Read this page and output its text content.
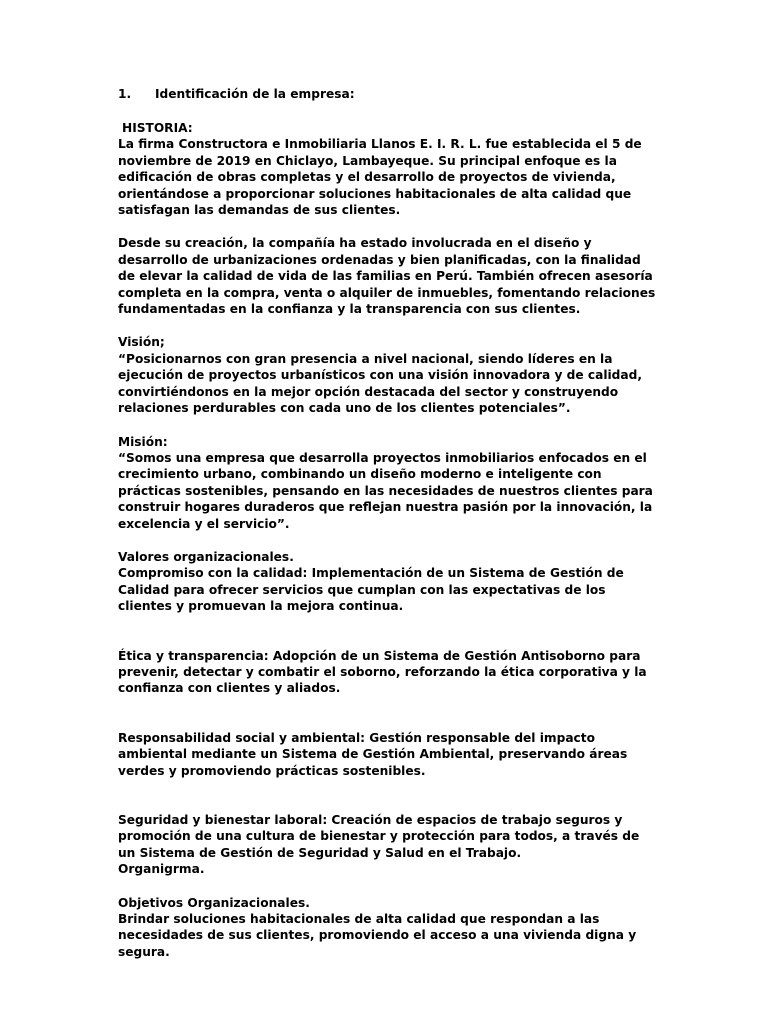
1.	Identificación de la empresa:

HISTORIA:

La firma Constructora e Inmobiliaria Llanos E. I. R. L. fue establecida el 5 de noviembre de 2019 en Chiclayo, Lambayeque. Su principal enfoque es la edificación de obras completas y el desarrollo de proyectos de vivienda, orientándose a proporcionar soluciones habitacionales de alta calidad que satisfagan las demandas de sus clientes.

Desde su creación, la compañía ha estado involucrada en el diseño y desarrollo de urbanizaciones ordenadas y bien planificadas, con la finalidad de elevar la calidad de vida de las familias en Perú. También ofrecen asesoría completa en la compra, venta o alquiler de inmuebles, fomentando relaciones fundamentadas en la confianza y la transparencia con sus clientes.

Visión;

“Posicionarnos con gran presencia a nivel nacional, siendo líderes en la ejecución de proyectos urbanísticos con una visión innovadora y de calidad, convirtiéndonos en la mejor opción destacada del sector y construyendo relaciones perdurables con cada uno de los clientes potenciales”.

Misión:

“Somos una empresa que desarrolla proyectos inmobiliarios enfocados en el crecimiento urbano, combinando un diseño moderno e inteligente con prácticas sostenibles, pensando en las necesidades de nuestros clientes para construir hogares duraderos que reflejan nuestra pasión por la innovación, la excelencia y el servicio”.

Valores organizacionales.

Compromiso con la calidad: Implementación de un Sistema de Gestión de Calidad para ofrecer servicios que cumplan con las expectativas de los clientes y promuevan la mejora continua.

Ética y transparencia: Adopción de un Sistema de Gestión Antisoborno para prevenir, detectar y combatir el soborno, reforzando la ética corporativa y la confianza con clientes y aliados.

Responsabilidad social y ambiental: Gestión responsable del impacto ambiental mediante un Sistema de Gestión Ambiental, preservando áreas verdes y promoviendo prácticas sostenibles.

Seguridad y bienestar laboral: Creación de espacios de trabajo seguros y promoción de una cultura de bienestar y protección para todos, a través de un Sistema de Gestión de Seguridad y Salud en el Trabajo.

Organigrma.

Objetivos Organizacionales.

Brindar soluciones habitacionales de alta calidad que respondan a las necesidades de sus clientes, promoviendo el acceso a una vivienda digna y segura.
